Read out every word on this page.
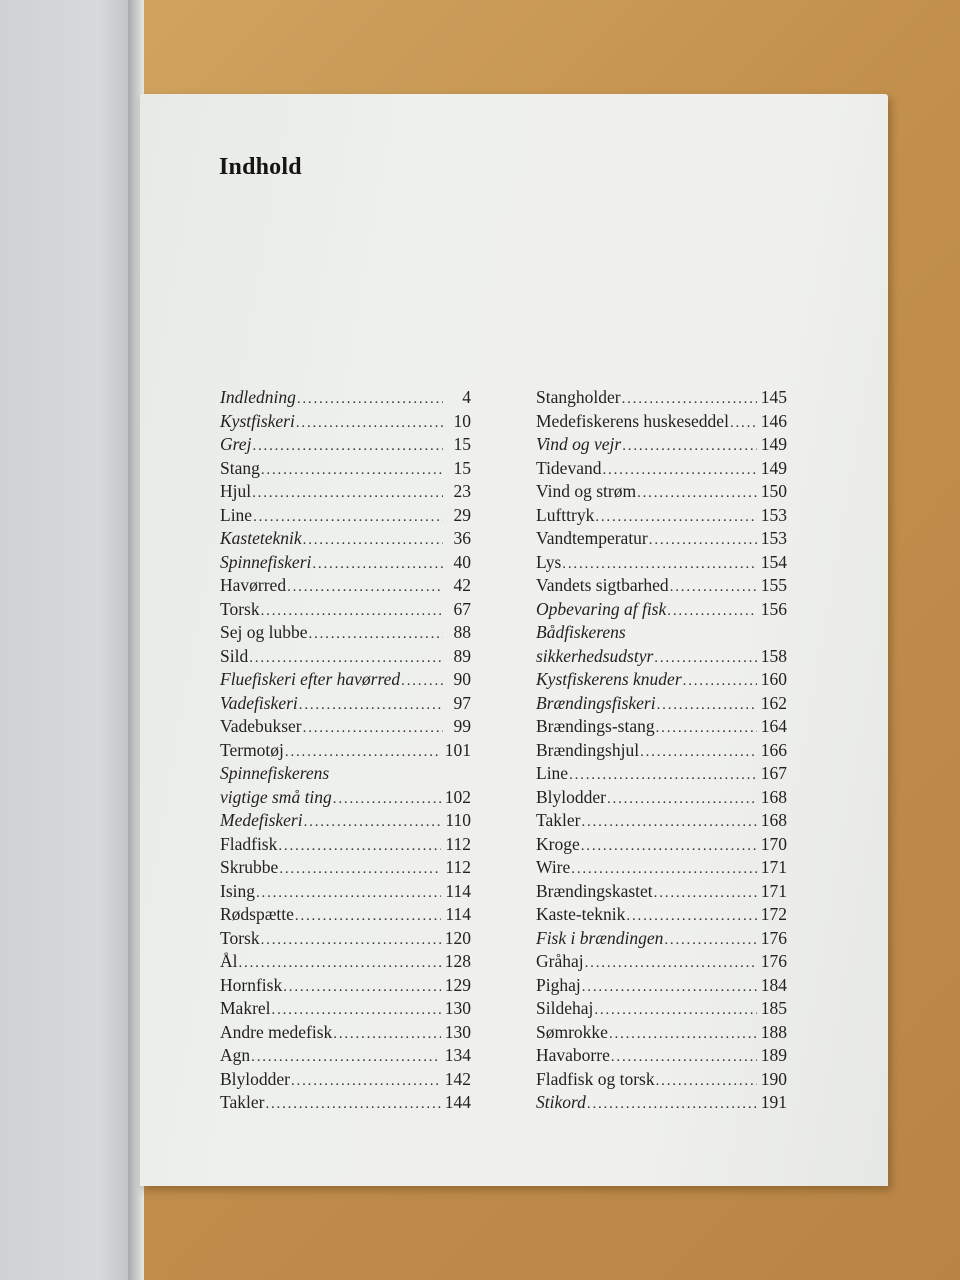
Indhold
Indledning .....	4
Kystfiskeri .....	10
Grej .....	15
Stang .....	15
Hjul .....	23
Line .....	29
Kasteteknik .....	36
Spinnefiskeri .....	40
Havørred .....	42
Torsk .....	67
Sej og lubbe .....	88
Sild .....	89
Fluefiskeri efter havørred .....	90
Vadefiskeri .....	97
Vadebukser .....	99
Termotøj .....	101
Spinnefiskerens
vigtige små ting .....	102
Medefiskeri .....	110
Fladfisk .....	112
Skrubbe .....	112
Ising .....	114
Rødspætte .....	114
Torsk .....	120
Ål .....	128
Hornfisk .....	129
Makrel .....	130
Andre medefisk .....	130
Agn .....	134
Blylodder .....	142
Takler .....	144
Stangholder .....	145
Medefiskerens huskeseddel ..... 146
Vind og vejr .....	149
Tidevand .....	149
Vind og strøm .....	150
Lufttryk .....	153
Vandtemperatur .....	153
Lys .....	154
Vandets sigtbarhed .....	155
Opbevaring af fisk .....	156
Bådfiskerens
sikkerhedsudstyr .....	158
Kystfiskerens knuder .....	160
Brændingsfiskeri .....	162
Brændings-stang .....	164
Brændingshjul .....	166
Line .....	167
Blylodder .....	168
Takler .....	168
Kroge .....	170
Wire .....	171
Brændingskastet .....	171
Kaste-teknik .....	172
Fisk i brændingen .....	176
Gråhaj .....	176
Pighaj .....	184
Sildehaj .....	185
Sømrokke .....	188
Havaborre .....	189
Fladfisk og torsk .....	190
Stikord .....	191
